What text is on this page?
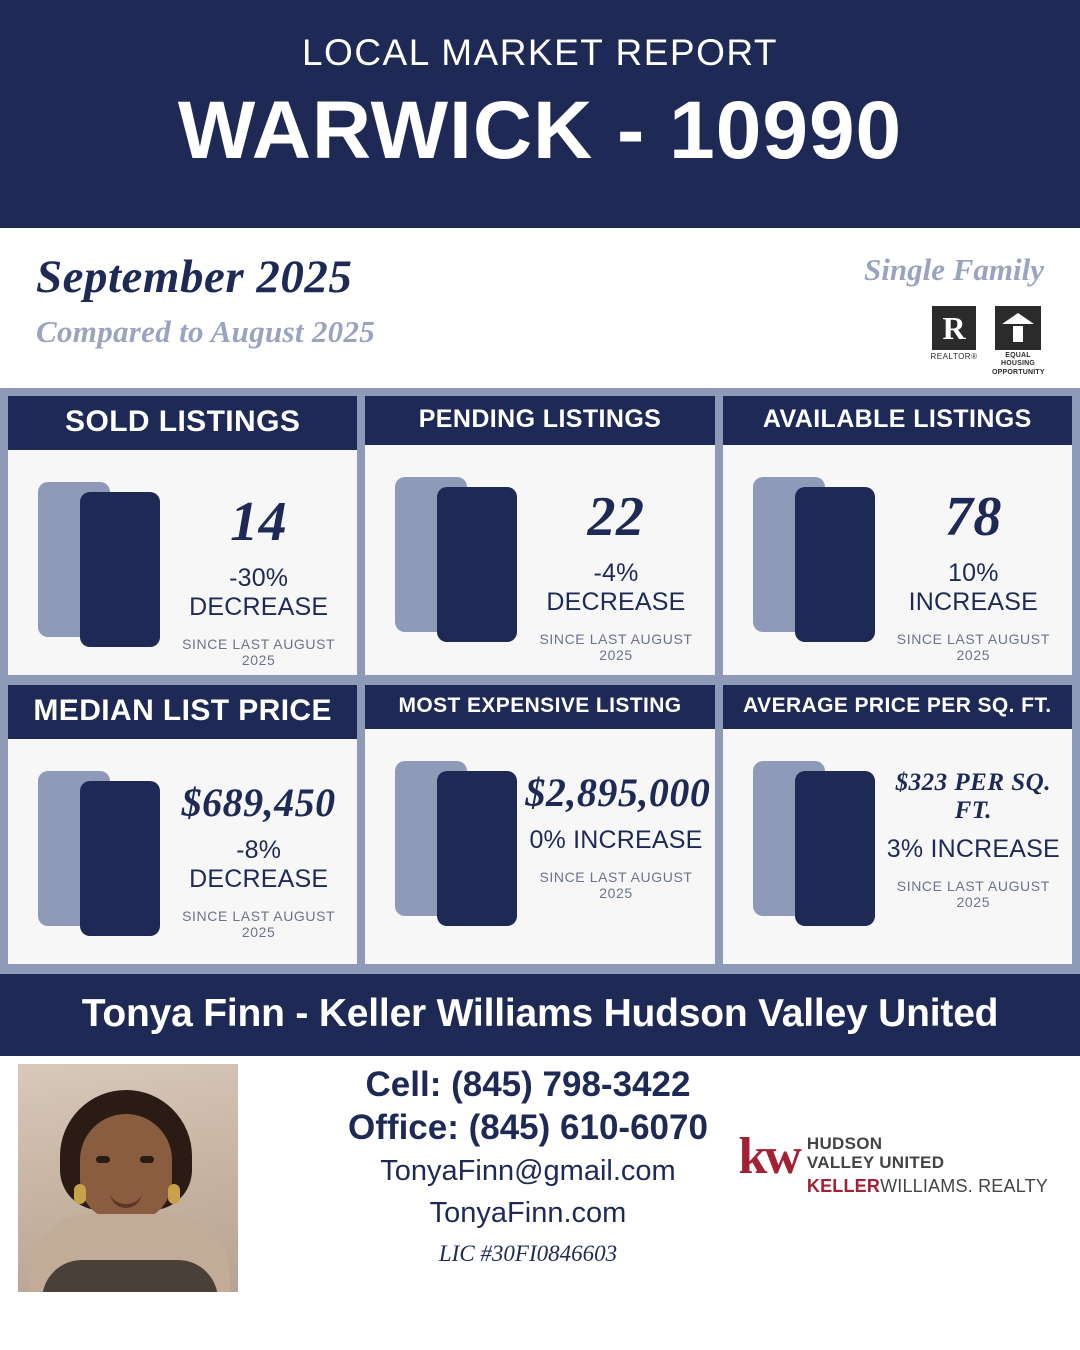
LOCAL MARKET REPORT
WARWICK - 10990
September 2025
Compared to August 2025
Single Family
R
REALTOR®	EQUAL HOUSING
OPPORTUNITY
SOLD LISTINGS
14
-30% DECREASE
SINCE LAST AUGUST 2025
PENDING LISTINGS
22
-4% DECREASE
SINCE LAST AUGUST 2025
AVAILABLE LISTINGS
78
10% INCREASE
SINCE LAST AUGUST 2025
MEDIAN LIST PRICE
$689,450
-8% DECREASE
SINCE LAST AUGUST 2025
MOST EXPENSIVE LISTING
$2,895,000
0% INCREASE
SINCE LAST AUGUST 2025
AVERAGE PRICE PER SQ. FT.
$323 PER SQ. FT.
3% INCREASE
SINCE LAST AUGUST 2025
Tonya Finn - Keller Williams Hudson Valley United
Cell: (845) 798-3422
Office: (845) 610-6070
TonyaFinn@gmail.com
TonyaFinn.com
LIC #30FI0846603
kw HUDSON
VALLEY UNITED
KELLERWILLIAMS. REALTY
